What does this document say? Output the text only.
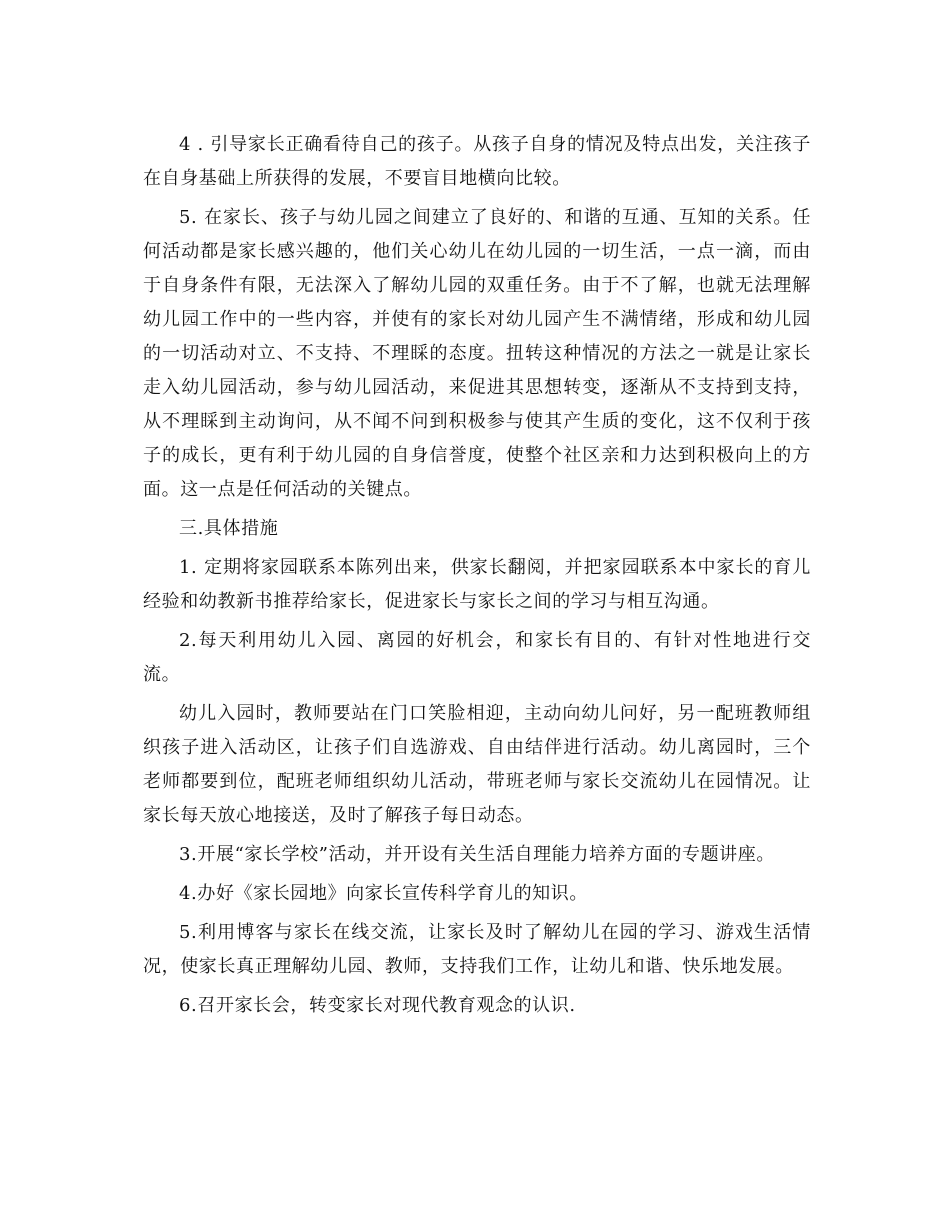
4 . 引导家长正确看待自己的孩子。从孩子自身的情况及特点出发，关注孩子在自身基础上所获得的发展，不要盲目地横向比较。

5. 在家长、孩子与幼儿园之间建立了良好的、和谐的互通、互知的关系。任何活动都是家长感兴趣的，他们关心幼儿在幼儿园的一切生活，一点一滴，而由于自身条件有限，无法深入了解幼儿园的双重任务。由于不了解，也就无法理解幼儿园工作中的一些内容，并使有的家长对幼儿园产生不满情绪，形成和幼儿园的一切活动对立、不支持、不理睬的态度。扭转这种情况的方法之一就是让家长走入幼儿园活动，参与幼儿园活动，来促进其思想转变，逐渐从不支持到支持，从不理睬到主动询问，从不闻不问到积极参与使其产生质的变化，这不仅利于孩子的成长，更有利于幼儿园的自身信誉度，使整个社区亲和力达到积极向上的方面。这一点是任何活动的关键点。

三.具体措施

1. 定期将家园联系本陈列出来，供家长翻阅，并把家园联系本中家长的育儿经验和幼教新书推荐给家长，促进家长与家长之间的学习与相互沟通。

2.每天利用幼儿入园、离园的好机会，和家长有目的、有针对性地进行交流。

幼儿入园时，教师要站在门口笑脸相迎，主动向幼儿问好，另一配班教师组织孩子进入活动区，让孩子们自选游戏、自由结伴进行活动。幼儿离园时，三个老师都要到位，配班老师组织幼儿活动，带班老师与家长交流幼儿在园情况。让家长每天放心地接送，及时了解孩子每日动态。

3.开展“家长学校”活动，并开设有关生活自理能力培养方面的专题讲座。

4.办好《家长园地》向家长宣传科学育儿的知识。

5.利用博客与家长在线交流，让家长及时了解幼儿在园的学习、游戏生活情况，使家长真正理解幼儿园、教师，支持我们工作，让幼儿和谐、快乐地发展。

6.召开家长会，转变家长对现代教育观念的认识.
